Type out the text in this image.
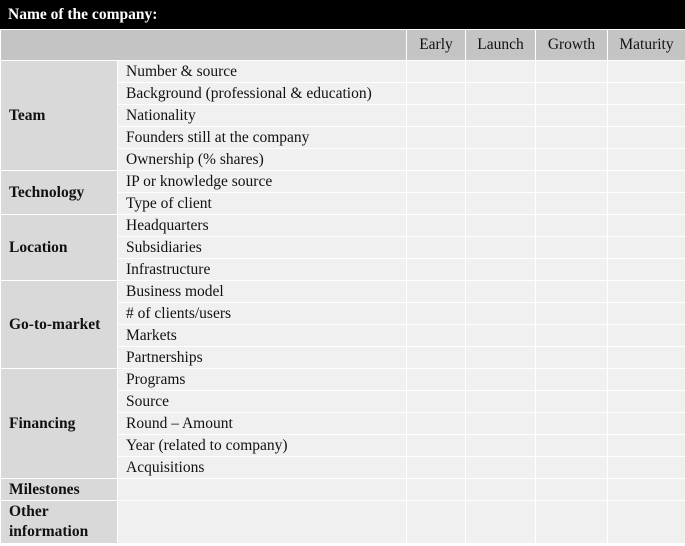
Name of the company:
		Early	Launch	Growth	Maturity
Team	Number & source				
	Background (professional & education)				
	Nationality				
	Founders still at the company				
	Ownership (% shares)				
Technology	IP or knowledge source				
	Type of client				
Location	Headquarters				
	Subsidiaries				
	Infrastructure				
Go-to-market	Business model				
	# of clients/users				
	Markets				
	Partnerships				
Financing	Programs				
	Source				
	Round – Amount				
	Year (related to company)				
	Acquisitions				
Milestones					
Other information					
